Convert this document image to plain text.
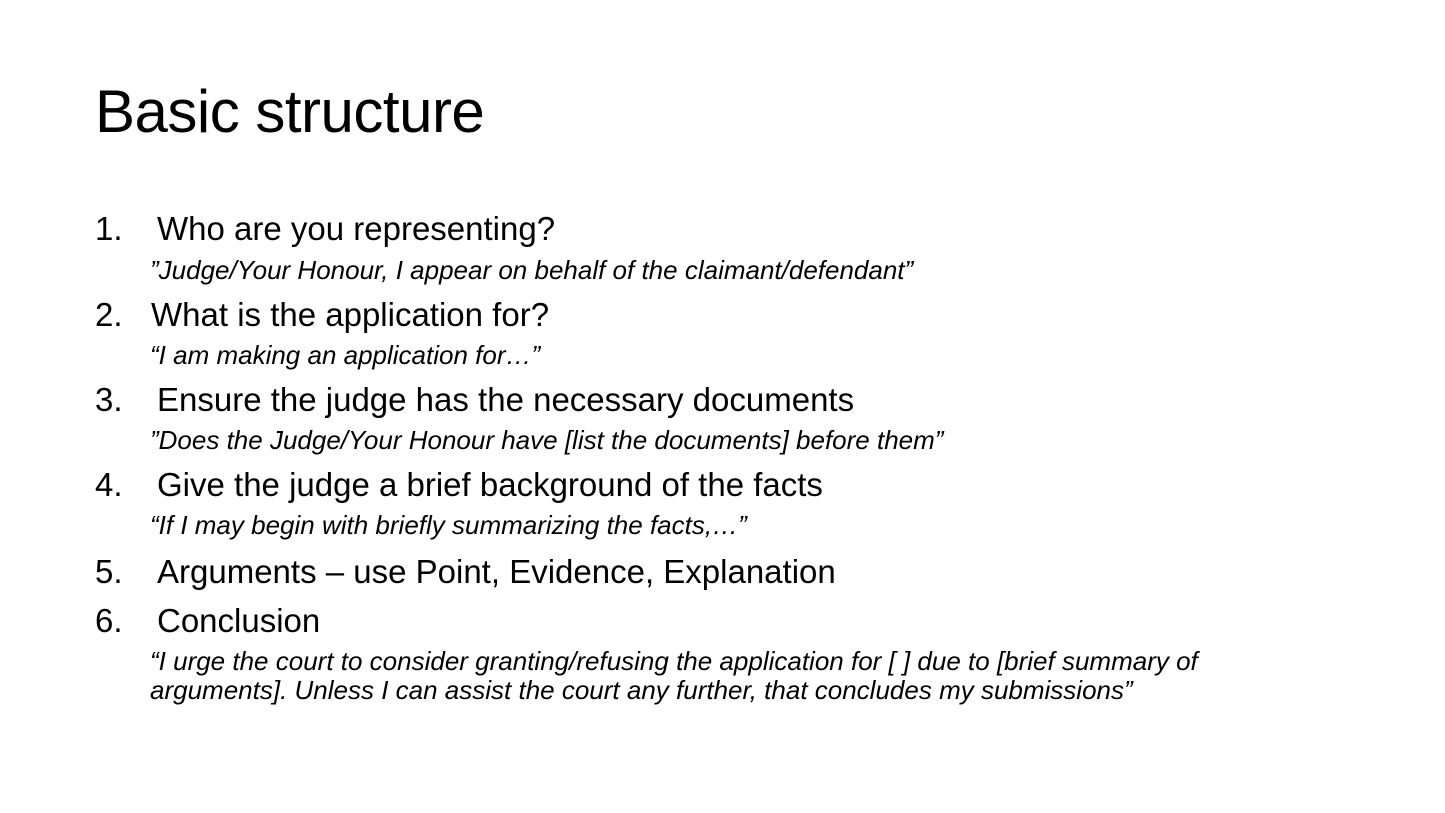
Basic structure
1. Who are you representing?
”Judge/Your Honour, I appear on behalf of the claimant/defendant”
2. What is the application for?
“I am making an application for…”
3. Ensure the judge has the necessary documents
”Does the Judge/Your Honour have [list the documents] before them”
4. Give the judge a brief background of the facts
“If I may begin with briefly summarizing the facts,…”
5. Arguments – use Point, Evidence, Explanation
6. Conclusion
“I urge the court to consider granting/refusing the application for [ ] due to [brief summary of arguments]. Unless I can assist the court any further, that concludes my submissions”
